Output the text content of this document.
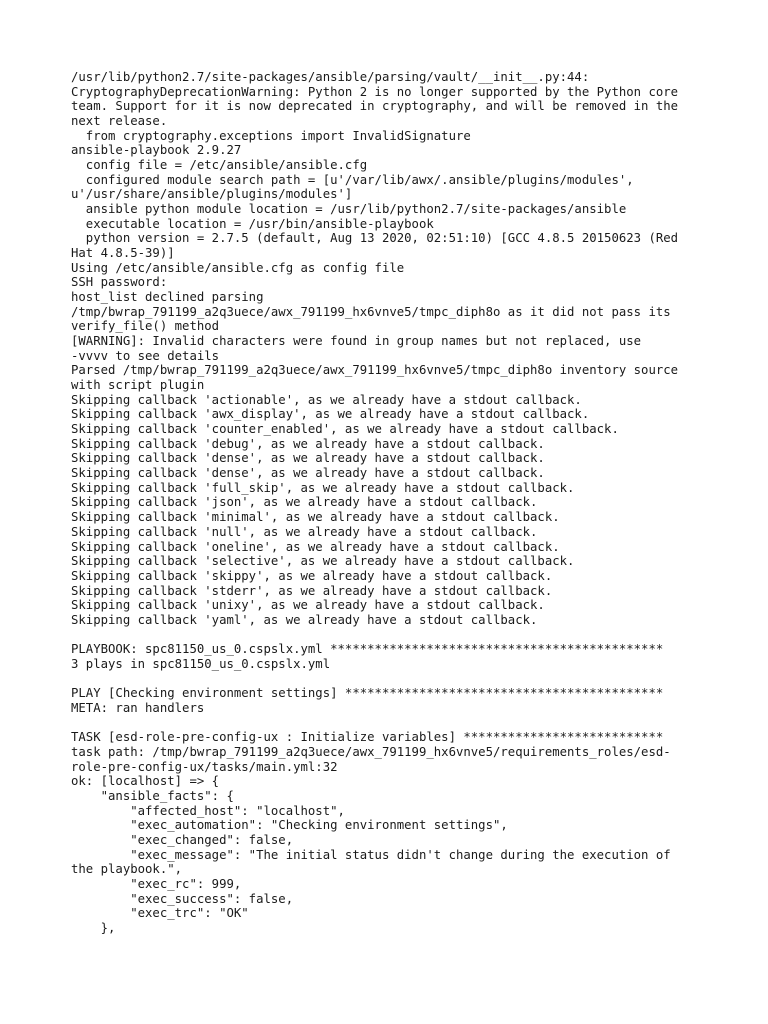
/usr/lib/python2.7/site-packages/ansible/parsing/vault/__init__.py:44:
CryptographyDeprecationWarning: Python 2 is no longer supported by the Python core
team. Support for it is now deprecated in cryptography, and will be removed in the
next release.
from cryptography.exceptions import InvalidSignature
ansible-playbook 2.9.27
config file = /etc/ansible/ansible.cfg
configured module search path = [u'/var/lib/awx/.ansible/plugins/modules',
u'/usr/share/ansible/plugins/modules']
ansible python module location = /usr/lib/python2.7/site-packages/ansible
executable location = /usr/bin/ansible-playbook
python version = 2.7.5 (default, Aug 13 2020, 02:51:10) [GCC 4.8.5 20150623 (Red
Hat 4.8.5-39)]
Using /etc/ansible/ansible.cfg as config file
SSH password:
host_list declined parsing
/tmp/bwrap_791199_a2q3uece/awx_791199_hx6vnve5/tmpc_diph8o as it did not pass its
verify_file() method
[WARNING]: Invalid characters were found in group names but not replaced, use
-vvvv to see details
Parsed /tmp/bwrap_791199_a2q3uece/awx_791199_hx6vnve5/tmpc_diph8o inventory source
with script plugin
Skipping callback 'actionable', as we already have a stdout callback.
Skipping callback 'awx_display', as we already have a stdout callback.
Skipping callback 'counter_enabled', as we already have a stdout callback.
Skipping callback 'debug', as we already have a stdout callback.
Skipping callback 'dense', as we already have a stdout callback.
Skipping callback 'dense', as we already have a stdout callback.
Skipping callback 'full_skip', as we already have a stdout callback.
Skipping callback 'json', as we already have a stdout callback.
Skipping callback 'minimal', as we already have a stdout callback.
Skipping callback 'null', as we already have a stdout callback.
Skipping callback 'oneline', as we already have a stdout callback.
Skipping callback 'selective', as we already have a stdout callback.
Skipping callback 'skippy', as we already have a stdout callback.
Skipping callback 'stderr', as we already have a stdout callback.
Skipping callback 'unixy', as we already have a stdout callback.
Skipping callback 'yaml', as we already have a stdout callback.
PLAYBOOK: spc81150_us_0.cspslx.yml *********************************************
3 plays in spc81150_us_0.cspslx.yml
PLAY [Checking environment settings] *******************************************
META: ran handlers
TASK [esd-role-pre-config-ux : Initialize variables] ***************************
task path: /tmp/bwrap_791199_a2q3uece/awx_791199_hx6vnve5/requirements_roles/esd-
role-pre-config-ux/tasks/main.yml:32
ok: [localhost] => {
"ansible_facts": {
"affected_host": "localhost",
"exec_automation": "Checking environment settings",
"exec_changed": false,
"exec_message": "The initial status didn't change during the execution of
the playbook.",
"exec_rc": 999,
"exec_success": false,
"exec_trc": "OK"
},
